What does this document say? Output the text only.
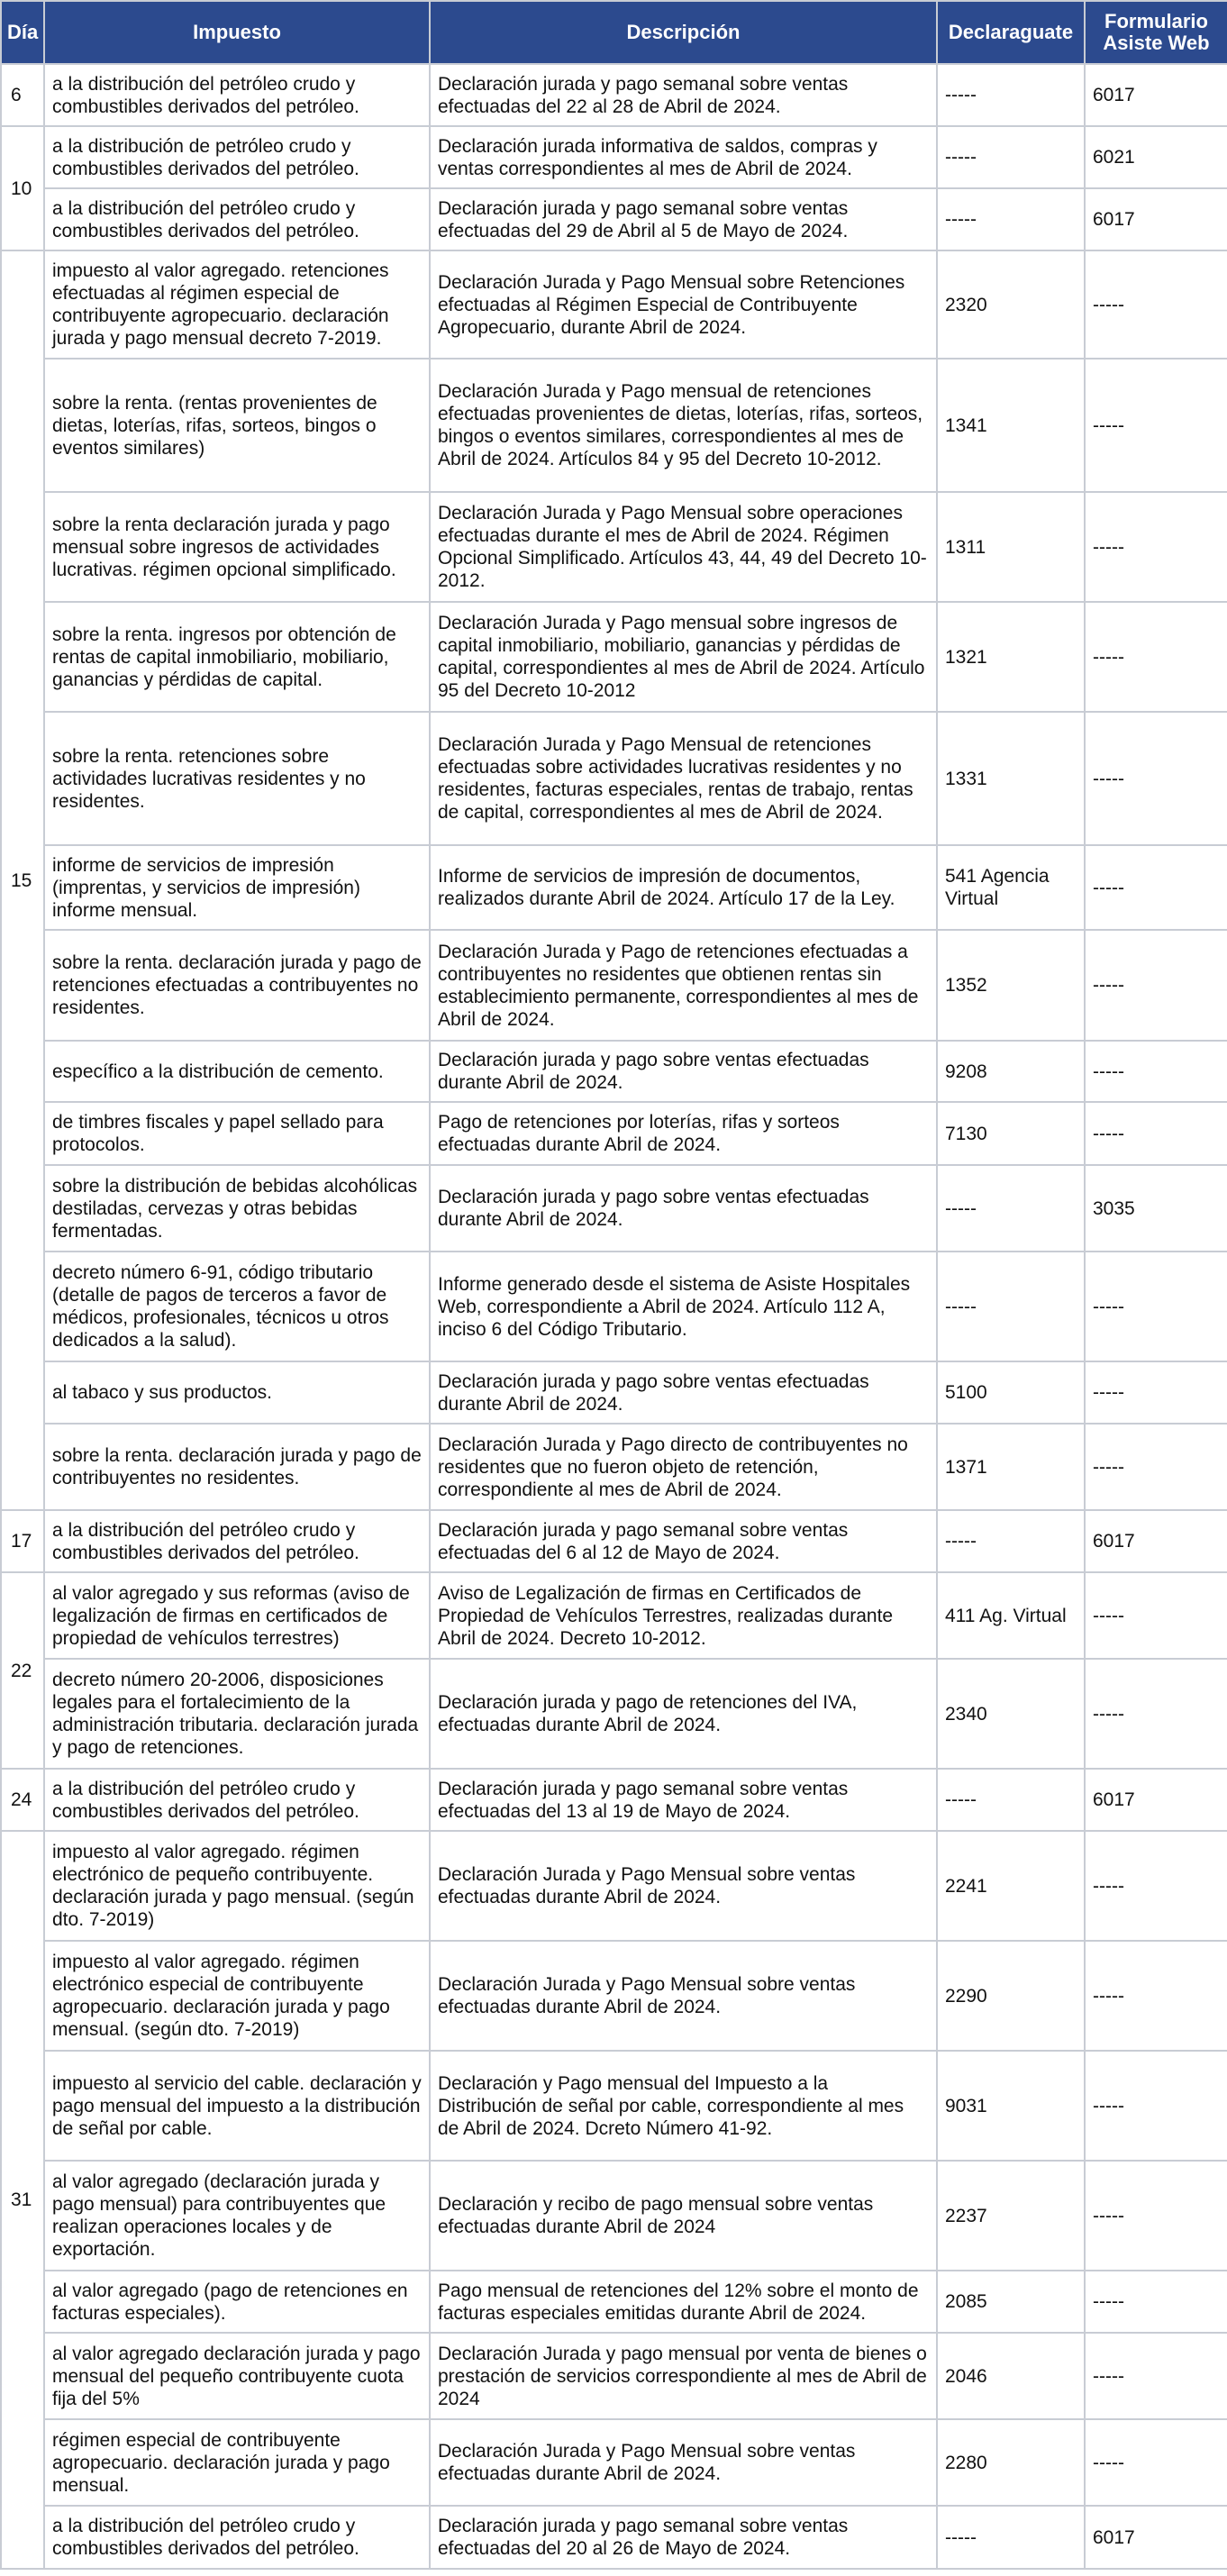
Día	Impuesto	Descripción	Declaraguate	Formulario Asiste Web
6	a la distribución del petróleo crudo y combustibles derivados del petróleo.	Declaración jurada y pago semanal sobre ventas efectuadas del 22 al 28 de Abril de 2024.	-----	6017
10	a la distribución de petróleo crudo y combustibles derivados del petróleo.	Declaración jurada informativa de saldos, compras y ventas correspondientes al mes de Abril de 2024.	-----	6021
	a la distribución del petróleo crudo y combustibles derivados del petróleo.	Declaración jurada y pago semanal sobre ventas efectuadas del 29 de Abril al 5 de Mayo de 2024.	-----	6017
15	impuesto al valor agregado. retenciones efectuadas al régimen especial de contribuyente agropecuario. declaración jurada y pago mensual decreto 7-2019.	Declaración Jurada y Pago Mensual sobre Retenciones efectuadas al Régimen Especial de Contribuyente Agropecuario, durante Abril de 2024.	2320	-----
	sobre la renta. (rentas provenientes de dietas, loterías, rifas, sorteos, bingos o eventos similares)	Declaración Jurada y Pago mensual de retenciones efectuadas provenientes de dietas, loterías, rifas, sorteos, bingos o eventos similares, correspondientes al mes de Abril de 2024. Artículos 84 y 95 del Decreto 10-2012.	1341	-----
	sobre la renta declaración jurada y pago mensual sobre ingresos de actividades lucrativas. régimen opcional simplificado.	Declaración Jurada y Pago Mensual sobre operaciones efectuadas durante el mes de Abril de 2024. Régimen Opcional Simplificado. Artículos 43, 44, 49 del Decreto 10-2012.	1311	-----
	sobre la renta. ingresos por obtención de rentas de capital inmobiliario, mobiliario, ganancias y pérdidas de capital.	Declaración Jurada y Pago mensual sobre ingresos de capital inmobiliario, mobiliario, ganancias y pérdidas de capital, correspondientes al mes de Abril de 2024. Artículo 95 del Decreto 10-2012	1321	-----
	sobre la renta. retenciones sobre actividades lucrativas residentes y no residentes.	Declaración Jurada y Pago Mensual de retenciones efectuadas sobre actividades lucrativas residentes y no residentes, facturas especiales, rentas de trabajo, rentas de capital, correspondientes al mes de Abril de 2024.	1331	-----
	informe de servicios de impresión (imprentas, y servicios de impresión) informe mensual.	Informe de servicios de impresión de documentos, realizados durante Abril de 2024. Artículo 17 de la Ley.	541 Agencia Virtual	-----
	sobre la renta. declaración jurada y pago de retenciones efectuadas a contribuyentes no residentes.	Declaración Jurada y Pago de retenciones efectuadas a contribuyentes no residentes que obtienen rentas sin establecimiento permanente, correspondientes al mes de Abril de 2024.	1352	-----
	específico a la distribución de cemento.	Declaración jurada y pago sobre ventas efectuadas durante Abril de 2024.	9208	-----
	de timbres fiscales y papel sellado para protocolos.	Pago de retenciones por loterías, rifas y sorteos efectuadas durante Abril de 2024.	7130	-----
	sobre la distribución de bebidas alcohólicas destiladas, cervezas y otras bebidas fermentadas.	Declaración jurada y pago sobre ventas efectuadas durante Abril de 2024.	-----	3035
	decreto número 6-91, código tributario (detalle de pagos de terceros a favor de médicos, profesionales, técnicos u otros dedicados a la salud).	Informe generado desde el sistema de Asiste Hospitales Web, correspondiente a Abril de 2024. Artículo 112 A, inciso 6 del Código Tributario.	-----	-----
	al tabaco y sus productos.	Declaración jurada y pago sobre ventas efectuadas durante Abril de 2024.	5100	-----
	sobre la renta. declaración jurada y pago de contribuyentes no residentes.	Declaración Jurada y Pago directo de contribuyentes no residentes que no fueron objeto de retención, correspondiente al mes de Abril de 2024.	1371	-----
17	a la distribución del petróleo crudo y combustibles derivados del petróleo.	Declaración jurada y pago semanal sobre ventas efectuadas del 6 al 12 de Mayo de 2024.	-----	6017
22	al valor agregado y sus reformas (aviso de legalización de firmas en certificados de propiedad de vehículos terrestres)	Aviso de Legalización de firmas en Certificados de Propiedad de Vehículos Terrestres, realizadas durante Abril de 2024. Decreto 10-2012.	411 Ag. Virtual	-----
	decreto número 20-2006, disposiciones legales para el fortalecimiento de la administración tributaria. declaración jurada y pago de retenciones.	Declaración jurada y pago de retenciones del IVA, efectuadas durante Abril de 2024.	2340	-----
24	a la distribución del petróleo crudo y combustibles derivados del petróleo.	Declaración jurada y pago semanal sobre ventas efectuadas del 13 al 19 de Mayo de 2024.	-----	6017
31	impuesto al valor agregado. régimen electrónico de pequeño contribuyente. declaración jurada y pago mensual. (según dto. 7-2019)	Declaración Jurada y Pago Mensual sobre ventas efectuadas durante Abril de 2024.	2241	-----
	impuesto al valor agregado. régimen electrónico especial de contribuyente agropecuario. declaración jurada y pago mensual. (según dto. 7-2019)	Declaración Jurada y Pago Mensual sobre ventas efectuadas durante Abril de 2024.	2290	-----
	impuesto al servicio del cable. declaración y pago mensual del impuesto a la distribución de señal por cable.	Declaración y Pago mensual del Impuesto a la Distribución de señal por cable, correspondiente al mes de Abril de 2024. Dcreto Número 41-92.	9031	-----
	al valor agregado (declaración jurada y pago mensual) para contribuyentes que realizan operaciones locales y de exportación.	Declaración y recibo de pago mensual sobre ventas efectuadas durante Abril de 2024	2237	-----
	al valor agregado (pago de retenciones en facturas especiales).	Pago mensual de retenciones del 12% sobre el monto de facturas especiales emitidas durante Abril de 2024.	2085	-----
	al valor agregado declaración jurada y pago mensual del pequeño contribuyente cuota fija del 5%	Declaración Jurada y pago mensual por venta de bienes o prestación de servicios correspondiente al mes de Abril de 2024	2046	-----
	régimen especial de contribuyente agropecuario. declaración jurada y pago mensual.	Declaración Jurada y Pago Mensual sobre ventas efectuadas durante Abril de 2024.	2280	-----
	a la distribución del petróleo crudo y combustibles derivados del petróleo.	Declaración jurada y pago semanal sobre ventas efectuadas del 20 al 26 de Mayo de 2024.	-----	6017
